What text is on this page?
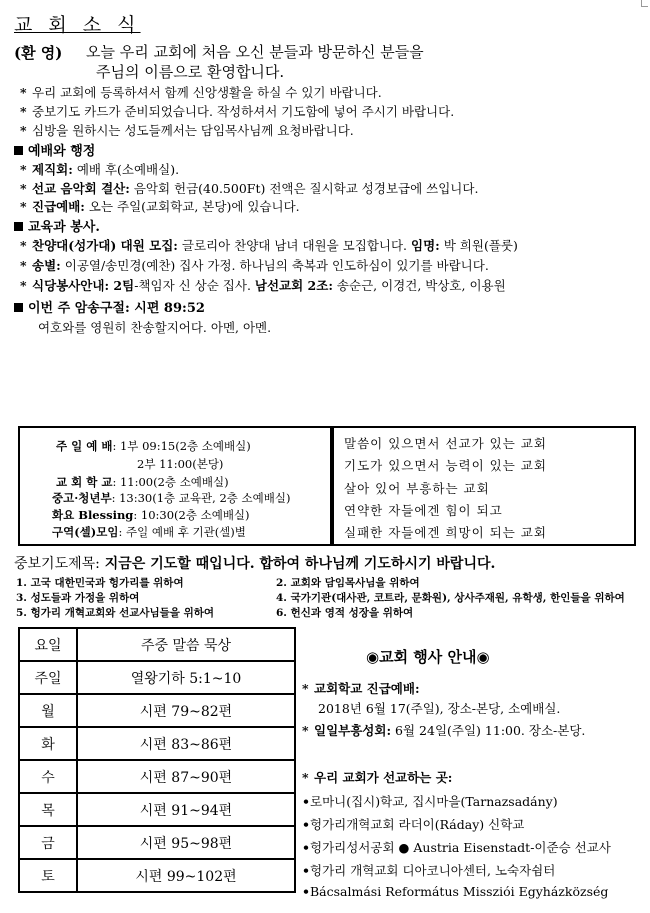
교 회 소 식
(환 영) 오늘 우리 교회에 처음 오신 분들과 방문하신 분들을
주님의 이름으로 환영합니다.
* 우리 교회에 등록하셔서 함께 신앙생활을 하실 수 있기 바랍니다.
* 중보기도 카드가 준비되었습니다. 작성하셔서 기도함에 넣어 주시기 바랍니다.
* 심방을 원하시는 성도들께서는 담임목사님께 요청바랍니다.
예배와 행정
* 제직회: 예배 후(소예배실).
* 선교 음악회 결산: 음악회 헌금(40.500Ft) 전액은 질시학교 성경보급에 쓰입니다.
* 진급예배: 오는 주일(교회학교, 본당)에 있습니다.
교육과 봉사.
* 찬양대(성가대) 대원 모집: 글로리아 찬양대 남녀 대원을 모집합니다. 임명: 박 희원(플룻)
* 송별: 이공열/송민경(예찬) 집사 가정. 하나님의 축복과 인도하심이 있기를 바랍니다.
* 식당봉사안내: 2팀-책임자 신 상순 집사. 남선교회 2조: 송순근, 이경건, 박상호, 이용원
이번 주 암송구절: 시편 89:52
여호와를 영원히 찬송할지어다. 아멘, 아멘.
주 일 예 배: 1부 09:15(2층 소예배실)
2부 11:00(본당)
교 회 학 교: 11:00(2층 소예배실)
중고·청년부: 13:30(1층 교육관, 2층 소예배실)
화요 Blessing: 10:30(2층 소예배실)
구역(셀)모임: 주일 예배 후 기관(셀)별
말씀이 있으면서 선교가 있는 교회
기도가 있으면서 능력이 있는 교회
살아 있어 부흥하는 교회
연약한 자들에겐 힘이 되고
실패한 자들에겐 희망이 되는 교회
중보기도제목: 지금은 기도할 때입니다. 합하여 하나님께 기도하시기 바랍니다.
1. 고국 대한민국과 헝가리를 위하여	2. 교회와 담임목사님을 위하여
3. 성도들과 가정을 위하여	4. 국가기관(대사관, 코트라, 문화원), 상사주재원, 유학생, 한인들을 위하여
5. 헝가리 개혁교회와 선교사님들을 위하여	6. 헌신과 영적 성장을 위하여
요일	주중 말씀 묵상
주일	열왕기하 5:1~10
월	시편 79~82편
화	시편 83~86편
수	시편 87~90편
목	시편 91~94편
금	시편 95~98편
토	시편 99~102편
◉교회 행사 안내◉
* 교회학교 진급예배:
2018년 6월 17(주일), 장소-본당, 소예배실.
* 일일부흥성회: 6월 24일(주일) 11:00. 장소-본당.
* 우리 교회가 선교하는 곳:
•로마니(집시)학교, 집시마을(Tarnazsadány)
•헝가리개혁교회 라더이(Ráday) 신학교
•헝가리성서공회 ● Austria Eisenstadt-이준승 선교사
•헝가리 개혁교회 디아코니아센터, 노숙자쉼터
•Bácsalmási Református Missziói Egyházközség
